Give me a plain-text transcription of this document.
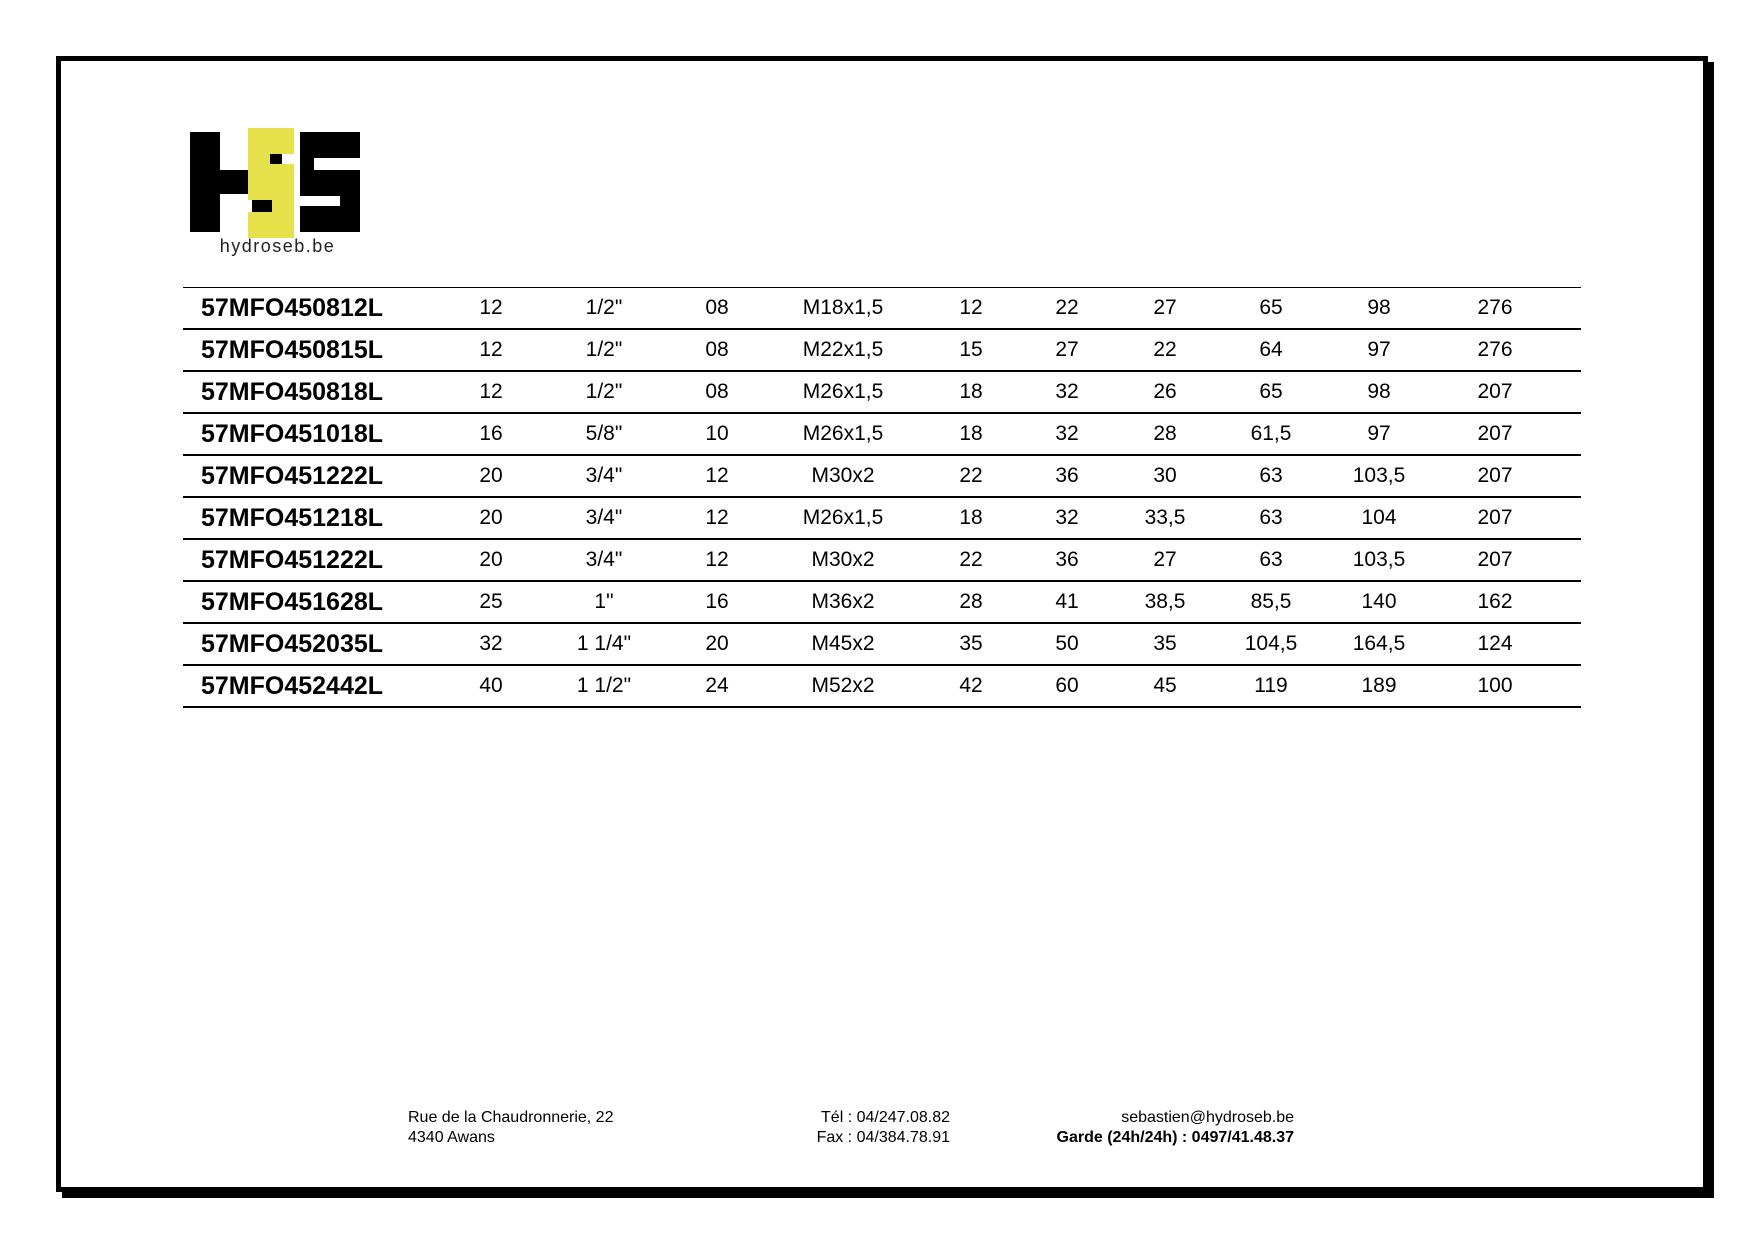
hydroseb.be
57MFO450812L	12	1/2"	08	M18x1,5	12	22	27	65	98	276
57MFO450815L	12	1/2"	08	M22x1,5	15	27	22	64	97	276
57MFO450818L	12	1/2"	08	M26x1,5	18	32	26	65	98	207
57MFO451018L	16	5/8"	10	M26x1,5	18	32	28	61,5	97	207
57MFO451222L	20	3/4"	12	M30x2	22	36	30	63	103,5	207
57MFO451218L	20	3/4"	12	M26x1,5	18	32	33,5	63	104	207
57MFO451222L	20	3/4"	12	M30x2	22	36	27	63	103,5	207
57MFO451628L	25	1"	16	M36x2	28	41	38,5	85,5	140	162
57MFO452035L	32	1 1/4"	20	M45x2	35	50	35	104,5	164,5	124
57MFO452442L	40	1 1/2"	24	M52x2	42	60	45	119	189	100
Rue de la Chaudronnerie, 22
4340 Awans
Tél : 04/247.08.82
Fax : 04/384.78.91
sebastien@hydroseb.be
Garde (24h/24h) : 0497/41.48.37
